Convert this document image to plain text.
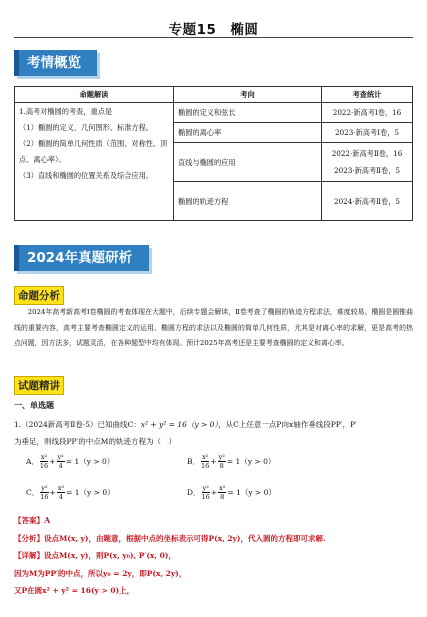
专题15　椭圆
考情概览
命题解读	考向	考查统计

1.高考对椭圆的考查，重点是
（1）椭圆的定义、几何图形、标准方程。
（2）椭圆的简单几何性质（范围、对称性、顶点、离心率）。
（3）直线和椭圆的位置关系及综合应用。	椭圆的定义和弦长	2022·新高考Ⅰ卷，16
	椭圆的离心率	2023·新高考Ⅰ卷，5
	直线与椭圆的应用	2022·新高考Ⅱ卷，16
2023·新高考Ⅱ卷，5

	椭圆的轨迹方程	2024·新高考Ⅱ卷，5
2024年真题研析
命题分析
2024年高考新高考Ⅰ卷椭圆的考查体现在大题中，后续专题会解读，Ⅱ卷考查了椭圆的轨迹方程求法，难度较易。椭圆是圆锥曲线的重要内容，高考主要考查椭圆定义的运用、椭圆方程的求法以及椭圆的简单几何性质，尤其是对离心率的求解，更是高考的热点问题，因方法多，试题灵活，在各种题型中均有体现。预计2025年高考还是主要考查椭圆的定义和离心率。
试题精讲
一、单选题
1.（2024新高考Ⅱ卷·5）已知曲线C：x² + y² = 16（y > 0），从C上任意一点P向x轴作垂线段PP′，P′
为垂足，则线段PP′的中点M的轨迹方程为（　）
A． $\frac{\text{x²}}{16} + \frac{\text{y²}}{4} = 1(y > 0)$	B． $\frac{\text{x²}}{16} + \frac{\text{y²}}{8} = 1(y > 0)$
C． $\frac{\text{y²}}{16} + \frac{\text{x²}}{4} = 1(y > 0)$	D． $\frac{\text{y²}}{16} + \frac{\text{x²}}{8} = 1(y > 0)$
【答案】A
【分析】设点M(x, y)，由题意，根据中点的坐标表示可得P(x, 2y)，代入圆的方程即可求解.
【详解】设点M(x, y)，则P(x, y₀), P′(x, 0)，
因为M为PP′的中点，所以y₀ = 2y，即P(x, 2y)，
又P在圆x² + y² = 16(y > 0)上，
